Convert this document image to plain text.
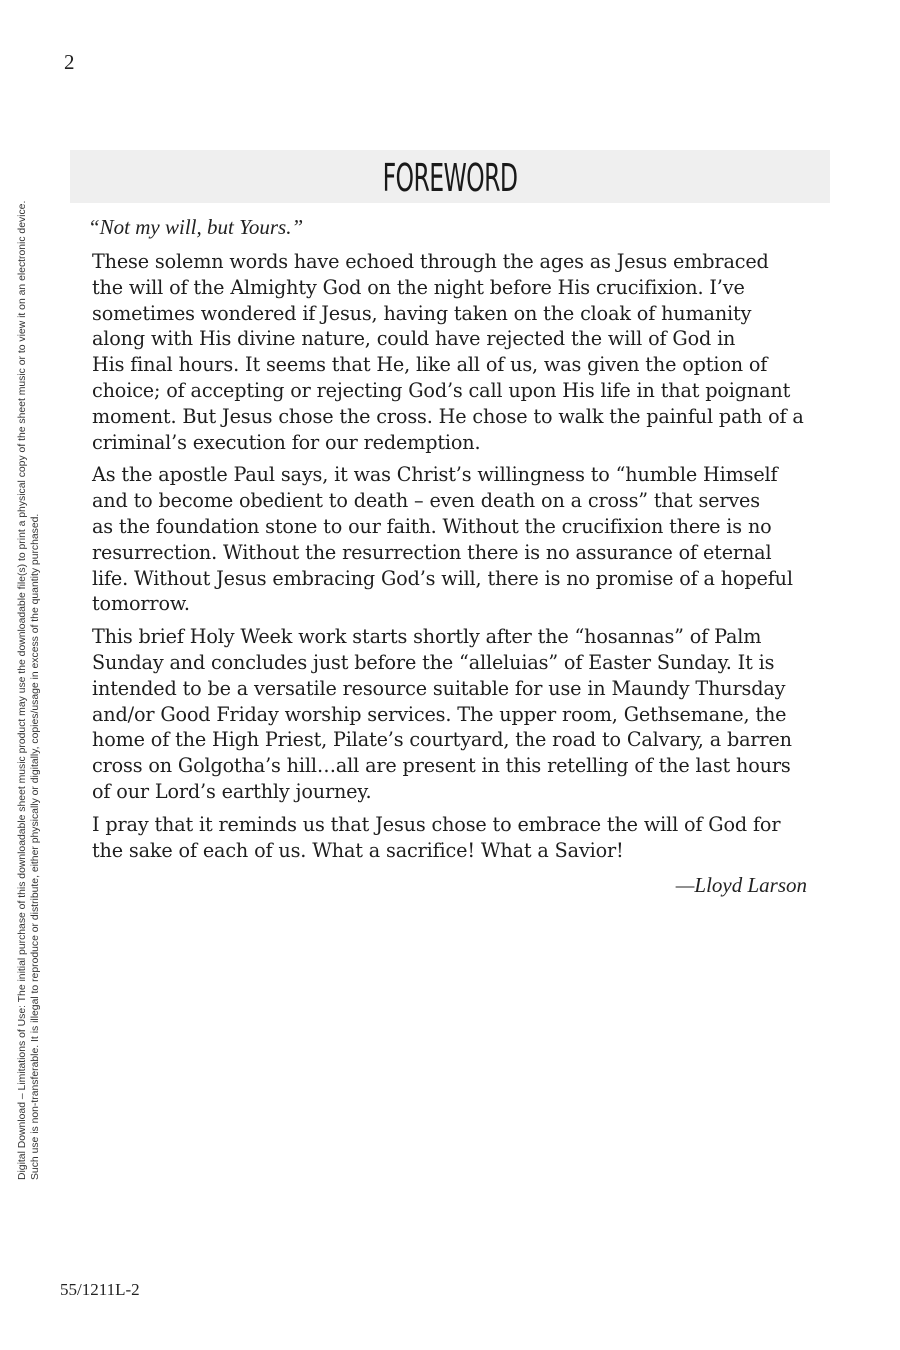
2
Digital Download – Limitations of Use: The initial purchase of this downloadable sheet music product may use the downloadable file(s) to print a physical copy of the sheet music or to view it on an electronic device. Such use is non-transferable. It is illegal to reproduce or distribute, either physically or digitally, copies/usage in excess of the quantity purchased.
FOREWORD
“Not my will, but Yours.”

These solemn words have echoed through the ages as Jesus embraced
the will of the Almighty God on the night before His crucifixion. I’ve
sometimes wondered if Jesus, having taken on the cloak of humanity
along with His divine nature, could have rejected the will of God in
His final hours. It seems that He, like all of us, was given the option of
choice; of accepting or rejecting God’s call upon His life in that poignant
moment. But Jesus chose the cross. He chose to walk the painful path of a
criminal’s execution for our redemption.

As the apostle Paul says, it was Christ’s willingness to “humble Himself
and to become obedient to death – even death on a cross” that serves
as the foundation stone to our faith. Without the crucifixion there is no
resurrection. Without the resurrection there is no assurance of eternal
life. Without Jesus embracing God’s will, there is no promise of a hopeful
tomorrow.

This brief Holy Week work starts shortly after the “hosannas” of Palm
Sunday and concludes just before the “alleluias” of Easter Sunday. It is
intended to be a versatile resource suitable for use in Maundy Thursday
and/or Good Friday worship services. The upper room, Gethsemane, the
home of the High Priest, Pilate’s courtyard, the road to Calvary, a barren
cross on Golgotha’s hill…all are present in this retelling of the last hours
of our Lord’s earthly journey.

I pray that it reminds us that Jesus chose to embrace the will of God for
the sake of each of us. What a sacrifice! What a Savior!

—Lloyd Larson
55/1211L-2
